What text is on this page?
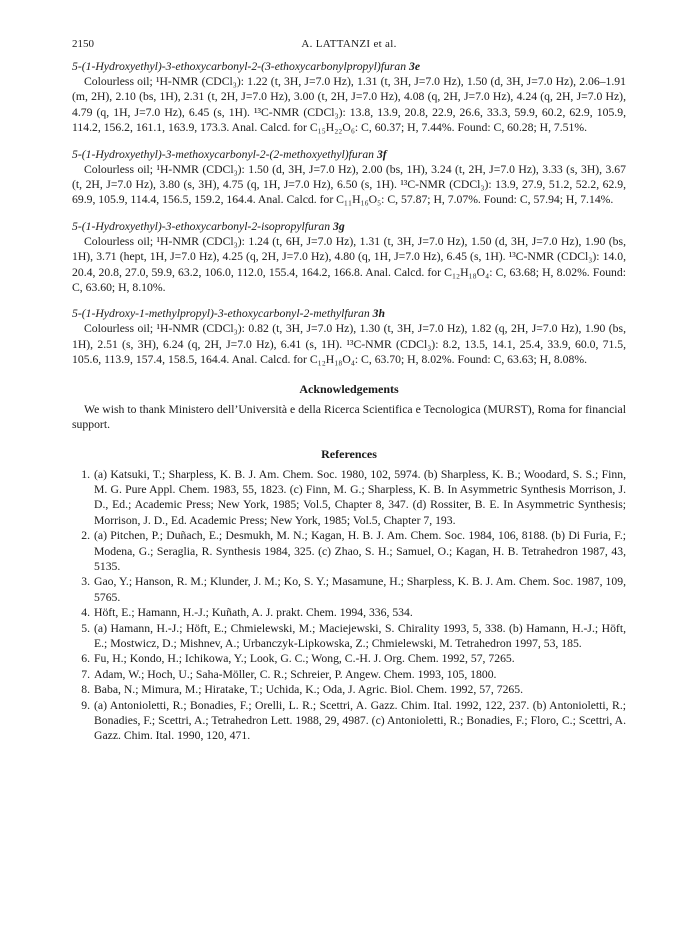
2150	A. LATTANZI et al.

5-(1-Hydroxyethyl)-3-ethoxycarbonyl-2-(3-ethoxycarbonylpropyl)furan 3e

Colourless oil; ¹H-NMR (CDCl₃): 1.22 (t, 3H, J=7.0 Hz), 1.31 (t, 3H, J=7.0 Hz), 1.50 (d, 3H, J=7.0 Hz), 2.06–1.91 (m, 2H), 2.10 (bs, 1H), 2.31 (t, 2H, J=7.0 Hz), 3.00 (t, 2H, J=7.0 Hz), 4.08 (q, 2H, J=7.0 Hz), 4.24 (q, 2H, J=7.0 Hz), 4.79 (q, 1H, J=7.0 Hz), 6.45 (s, 1H). ¹³C-NMR (CDCl₃): 13.8, 13.9, 20.8, 22.9, 26.6, 33.3, 59.9, 60.2, 62.9, 105.9, 114.2, 156.2, 161.1, 163.9, 173.3. Anal. Calcd. for C₁₅H₂₂O₆: C, 60.37; H, 7.44%. Found: C, 60.28; H, 7.51%.

5-(1-Hydroxyethyl)-3-methoxycarbonyl-2-(2-methoxyethyl)furan 3f

Colourless oil; ¹H-NMR (CDCl₃): 1.50 (d, 3H, J=7.0 Hz), 2.00 (bs, 1H), 3.24 (t, 2H, J=7.0 Hz), 3.33 (s, 3H), 3.67 (t, 2H, J=7.0 Hz), 3.80 (s, 3H), 4.75 (q, 1H, J=7.0 Hz), 6.50 (s, 1H). ¹³C-NMR (CDCl₃): 13.9, 27.9, 51.2, 52.2, 62.9, 69.9, 105.9, 114.4, 156.5, 159.2, 164.4. Anal. Calcd. for C₁₁H₁₆O₅: C, 57.87; H, 7.07%. Found: C, 57.94; H, 7.14%.

5-(1-Hydroxyethyl)-3-ethoxycarbonyl-2-isopropylfuran 3g

Colourless oil; ¹H-NMR (CDCl₃): 1.24 (t, 6H, J=7.0 Hz), 1.31 (t, 3H, J=7.0 Hz), 1.50 (d, 3H, J=7.0 Hz), 1.90 (bs, 1H), 3.71 (hept, 1H, J=7.0 Hz), 4.25 (q, 2H, J=7.0 Hz), 4.80 (q, 1H, J=7.0 Hz), 6.45 (s, 1H). ¹³C-NMR (CDCl₃): 14.0, 20.4, 20.8, 27.0, 59.9, 63.2, 106.0, 112.0, 155.4, 164.2, 166.8. Anal. Calcd. for C₁₂H₁₈O₄: C, 63.68; H, 8.02%. Found: C, 63.60; H, 8.10%.

5-(1-Hydroxy-1-methylpropyl)-3-ethoxycarbonyl-2-methylfuran 3h

Colourless oil; ¹H-NMR (CDCl₃): 0.82 (t, 3H, J=7.0 Hz), 1.30 (t, 3H, J=7.0 Hz), 1.82 (q, 2H, J=7.0 Hz), 1.90 (bs, 1H), 2.51 (s, 3H), 6.24 (q, 2H, J=7.0 Hz), 6.41 (s, 1H). ¹³C-NMR (CDCl₃): 8.2, 13.5, 14.1, 25.4, 33.9, 60.0, 71.5, 105.6, 113.9, 157.4, 158.5, 164.4. Anal. Calcd. for C₁₂H₁₈O₄: C, 63.70; H, 8.02%. Found: C, 63.63; H, 8.08%.

Acknowledgements

We wish to thank Ministero dell’Università e della Ricerca Scientifica e Tecnologica (MURST), Roma for financial support.

References
1. (a) Katsuki, T.; Sharpless, K. B. J. Am. Chem. Soc. 1980, 102, 5974. (b) Sharpless, K. B.; Woodard, S. S.; Finn, M. G. Pure Appl. Chem. 1983, 55, 1823. (c) Finn, M. G.; Sharpless, K. B. In Asymmetric Synthesis Morrison, J. D., Ed.; Academic Press; New York, 1985; Vol.5, Chapter 8, 347. (d) Rossiter, B. E. In Asymmetric Synthesis; Morrison, J. D., Ed. Academic Press; New York, 1985; Vol.5, Chapter 7, 193.
2. (a) Pitchen, P.; Duñach, E.; Desmukh, M. N.; Kagan, H. B. J. Am. Chem. Soc. 1984, 106, 8188. (b) Di Furia, F.; Modena, G.; Seraglia, R. Synthesis 1984, 325. (c) Zhao, S. H.; Samuel, O.; Kagan, H. B. Tetrahedron 1987, 43, 5135.
3. Gao, Y.; Hanson, R. M.; Klunder, J. M.; Ko, S. Y.; Masamune, H.; Sharpless, K. B. J. Am. Chem. Soc. 1987, 109, 5765.
4. Höft, E.; Hamann, H.-J.; Kuñath, A. J. prakt. Chem. 1994, 336, 534.
5. (a) Hamann, H.-J.; Höft, E.; Chmielewski, M.; Maciejewski, S. Chirality 1993, 5, 338. (b) Hamann, H.-J.; Höft, E.; Mostwicz, D.; Mishnev, A.; Urbanczyk-Lipkowska, Z.; Chmielewski, M. Tetrahedron 1997, 53, 185.
6. Fu, H.; Kondo, H.; Ichikowa, Y.; Look, G. C.; Wong, C.-H. J. Org. Chem. 1992, 57, 7265.
7. Adam, W.; Hoch, U.; Saha-Möller, C. R.; Schreier, P. Angew. Chem. 1993, 105, 1800.
8. Baba, N.; Mimura, M.; Hiratake, T.; Uchida, K.; Oda, J. Agric. Biol. Chem. 1992, 57, 7265.
9. (a) Antonioletti, R.; Bonadies, F.; Orelli, L. R.; Scettri, A. Gazz. Chim. Ital. 1992, 122, 237. (b) Antonioletti, R.; Bonadies, F.; Scettri, A.; Tetrahedron Lett. 1988, 29, 4987. (c) Antonioletti, R.; Bonadies, F.; Floro, C.; Scettri, A. Gazz. Chim. Ital. 1990, 120, 471.
